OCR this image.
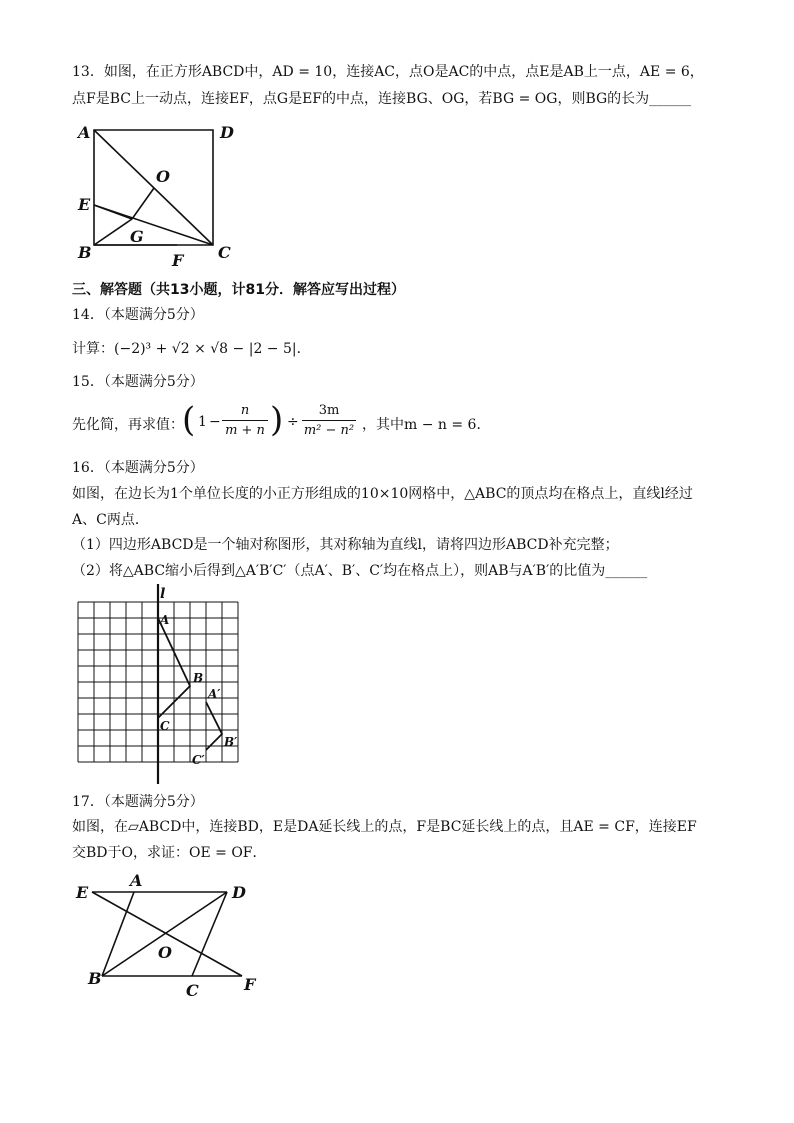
13．如图，在正方形ABCD中，AD = 10，连接AC，点O是AC的中点，点E是AB上一点，AE = 6，
点F是BC上一动点，连接EF，点G是EF的中点，连接BG、OG，若BG = OG，则BG的长为______
A	D
E
B	C
F
G
O
三、解答题（共13小题，计81分．解答应写出过程）
14．（本题满分5分）
计算：(−2)³ + √2 × √8 − |2 − 5|．
15．（本题满分5分）
先化简，再求值：
( 1 −
n
m + n ) ÷
3m
m² − n² ，其中m − n = 6．
16．（本题满分5分）
如图，在边长为1个单位长度的小正方形组成的10×10网格中，△ABC的顶点均在格点上，直线l经过
A、C两点．
（1）四边形ABCD是一个轴对称图形，其对称轴为直线l，请将四边形ABCD补充完整；
（2）将△ABC缩小后得到△A′B′C′（点A′、B′、C′均在格点上），则AB与A′B′的比值为______
l
A
B
C
A′
B′
C′
17．（本题满分5分）
如图，在▱ABCD中，连接BD，E是DA延长线上的点，F是BC延长线上的点，且AE = CF，连接EF
交BD于O，求证：OE = OF．
E
A
D
O
B
C	F
